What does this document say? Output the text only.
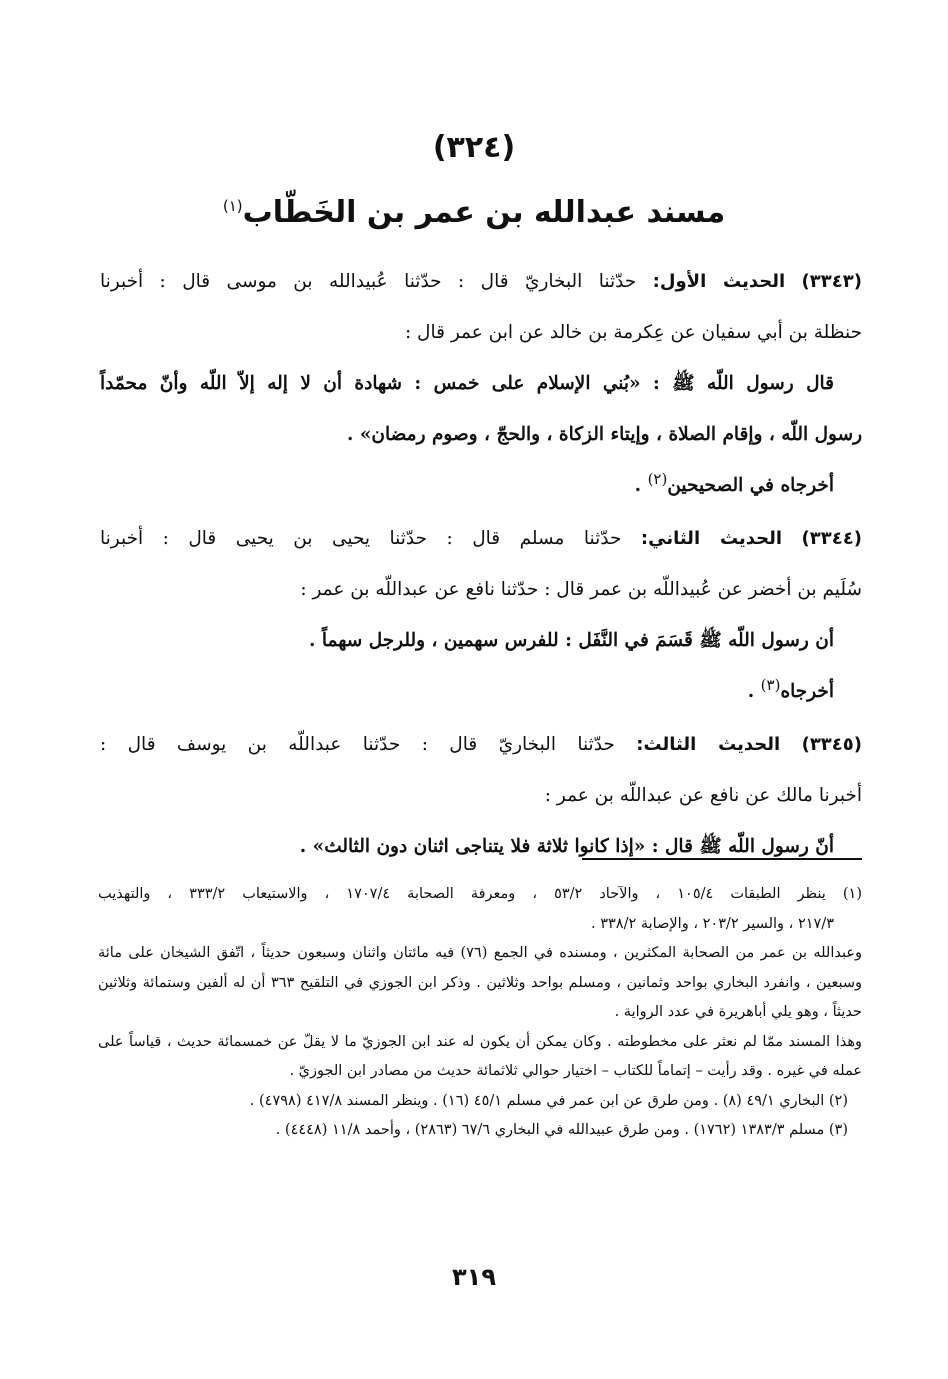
(٣٢٤)
مسند عبدالله بن عمر بن الخَطّاب$^{(١)}$

(٣٣٤٣) الحديث الأول: حدّثنا البخاريّ قال : حدّثنا عُبيدالله بن موسى قال : أخبرنا

حنظلة بن أبي سفيان عن عِكرمة بن خالد عن ابن عمر قال :

قال رسول اللّه ﷺ : «بُني الإسلام على خمس : شهادة أن لا إله إلاّ اللّه وأنّ محمّداً

رسول اللّه ، وإقام الصلاة ، وإيتاء الزكاة ، والحجّ ، وصوم رمضان» .

أخرجاه في الصحيحين$^{(٢)}$ .

(٣٣٤٤) الحديث الثاني: حدّثنا مسلم قال : حدّثنا يحيى بن يحيى قال : أخبرنا

سُلَيم بن أخضر عن عُبيداللّه بن عمر قال : حدّثنا نافع عن عبداللّه بن عمر :

أن رسول اللّه ﷺ قَسَمَ في النَّفَل : للفرس سهمين ، وللرجل سهماً .

أخرجاه$^{(٣)}$ .

(٣٣٤٥) الحديث الثالث: حدّثنا البخاريّ قال : حدّثنا عبداللّه بن يوسف قال :

أخبرنا مالك عن نافع عن عبداللّه بن عمر :

أنّ رسول اللّه ﷺ قال : «إذا كانوا ثلاثة فلا يتناجى اثنان دون الثالث» .

(١) ينظر الطبقات ١٠٥/٤ ، والآحاد ٥٣/٢ ، ومعرفة الصحابة ١٧٠٧/٤ ، والاستيعاب ٣٣٣/٢ ، والتهذيب

٢١٧/٣ ، والسير ٢٠٣/٢ ، والإصابة ٣٣٨/٢ .

وعبدالله بن عمر من الصحابة المكثرين ، ومسنده في الجمع (٧٦) فيه مائتان واثنان وسبعون حديثاً ، اتّفق الشيخان على مائة وسبعين ، وانفرد البخاري بواحد وثمانين ، ومسلم بواحد وثلاثين . وذكر ابن الجوزي في التلقيح ٣٦٣ أن له ألفين وستمائة وثلاثين حديثاً ، وهو يلي أباهريرة في عدد الرواية .

وهذا المسند ممّا لم نعثر على مخطوطته . وكان يمكن أن يكون له عند ابن الجوزيّ ما لا يقلّ عن خمسمائة حديث ، قياساً على عمله في غيره . وقد رأيت – إتماماً للكتاب – اختيار حوالي ثلاثمائة حديث من مصادر ابن الجوزيّ .

(٢) البخاري ٤٩/١ (٨) . ومن طرق عن ابن عمر في مسلم ٤٥/١ (١٦) . وينظر المسند ٤١٧/٨ (٤٧٩٨) .

(٣) مسلم ١٣٨٣/٣ (١٧٦٢) . ومن طرق عبيدالله في البخاري ٦٧/٦ (٢٨٦٣) ، وأحمد ١١/٨ (٤٤٤٨) .

٣١٩
